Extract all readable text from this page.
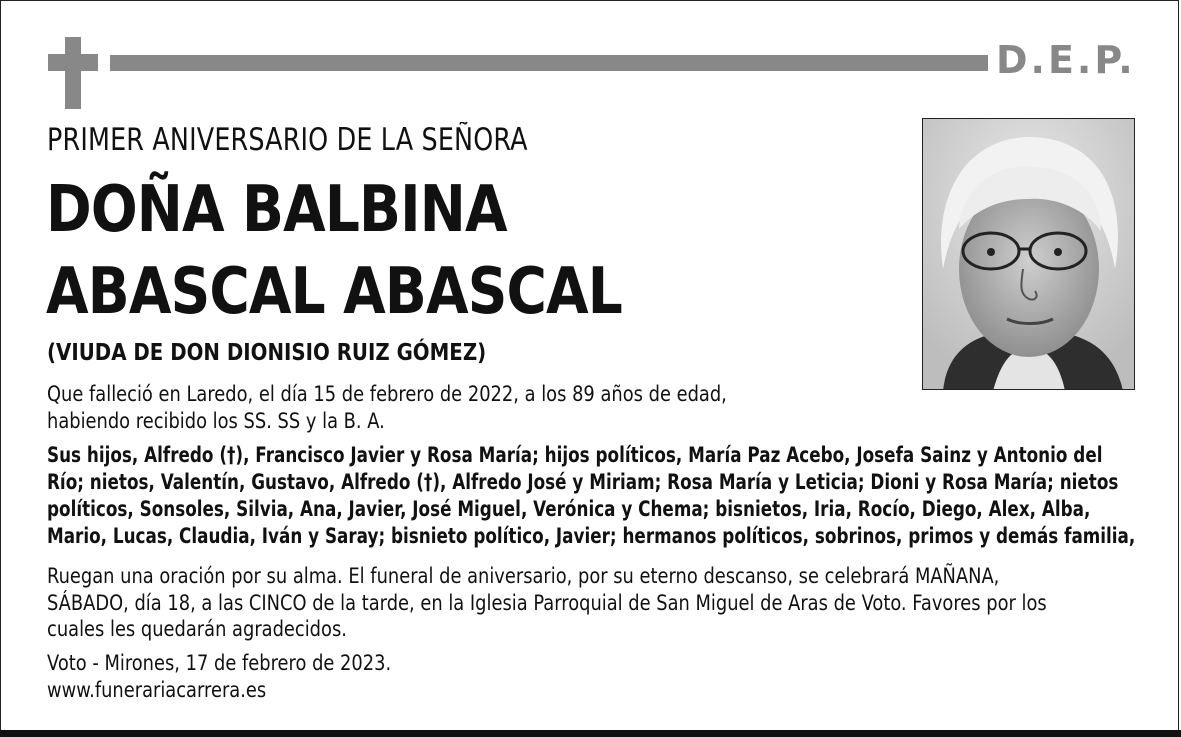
D.E.P.
PRIMER ANIVERSARIO DE LA SEÑORA
DOÑA BALBINA
ABASCAL ABASCAL
(VIUDA DE DON DIONISIO RUIZ GÓMEZ)
Que falleció en Laredo, el día 15 de febrero de 2022, a los 89 años de edad,
habiendo recibido los SS. SS y la B. A.
Sus hijos, Alfredo (†), Francisco Javier y Rosa María; hijos políticos, María Paz Acebo, Josefa Sainz y Antonio del
Río; nietos, Valentín, Gustavo, Alfredo (†), Alfredo José y Miriam; Rosa María y Leticia; Dioni y Rosa María; nietos
políticos, Sonsoles, Silvia, Ana, Javier, José Miguel, Verónica y Chema; bisnietos, Iria, Rocío, Diego, Alex, Alba,
Mario, Lucas, Claudia, Iván y Saray; bisnieto político, Javier; hermanos políticos, sobrinos, primos y demás familia,
Ruegan una oración por su alma. El funeral de aniversario, por su eterno descanso, se celebrará MAÑANA,
SÁBADO, día 18, a las CINCO de la tarde, en la Iglesia Parroquial de San Miguel de Aras de Voto. Favores por los
cuales les quedarán agradecidos.
Voto - Mirones, 17 de febrero de 2023.
www.funerariacarrera.es
